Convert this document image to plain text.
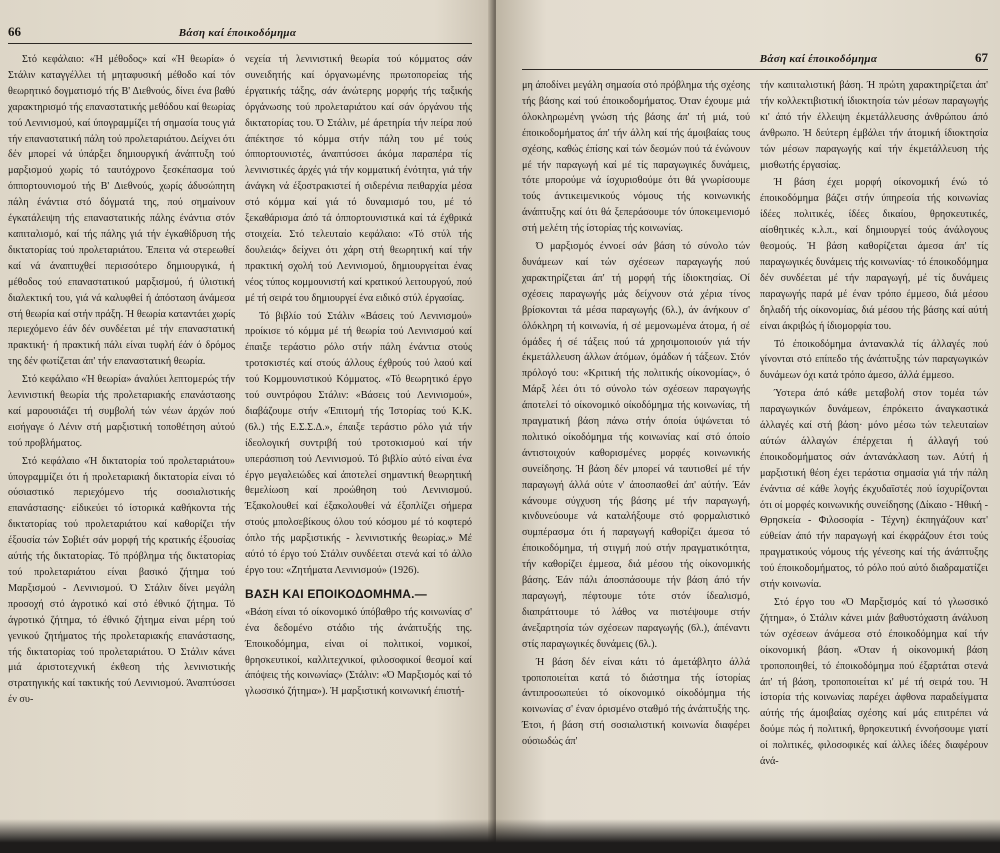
66	Βάση καί έποικοδόμημα

Στό κεφάλαιο: «Ή μέθοδος» καί «Ή θεωρία» ό Στάλιν καταγγέλλει τή μηταφυσική μέθοδο καί τόν θεωρητικό δογματισμό τής Β' Διεθνούς, δίνει ένα βαθύ χαρακτηρισμό τής επαναστατικής μεθόδου καί θεωρίας τού Λενινισμού, καί ύπογραμμίζει τή σημασία τους γιά τήν επαναστατική πάλη τού προλεταριάτου. Δείχνει ότι δέν μπορεί νά ύπάρξει δημιουργική άνάπτυξη τού μαρξισμού χωρίς τό ταυτόχρονο ξεσκέπασμα τού όππορτουνισμού τής Β' Διεθνούς, χωρίς άδυσώπητη πάλη ένάντια στό δόγματά της, πού σημαίνουν έγκατάλειψη τής επαναστατικής πάλης ένάντια στόν καπιταλισμό, καί τής πάλης γιά τήν έγκαθίδρυση τής δικτατορίας τού προλεταριάτου. Έπειτα νά στερεωθεί καί νά άναπτυχθεί περισσότερο δημιουργικά, ή μέθοδος τού επαναστατικού μαρξισμού, ή ύλιστική διαλεκτική του, γιά νά καλυφθεί ή άπόσταση άνάμεσα στή θεωρία καί στήν πράξη. Ή θεωρία καταντάει χωρίς περιεχόμενο έάν δέν συνδέεται μέ τήν επαναστατική πρακτική· ή πρακτική πάλι είναι τυφλή έάν ό δρόμος της δέν φωτίζεται άπ' τήν επαναστατική θεωρία.

Στό κεφάλαιο «Ή θεωρία» άναλύει λεπτομερώς τήν λενινιστική θεωρία τής προλεταριακής επανάστασης καί μαρουσιάζει τή συμβολή τών νέων άρχών πού εισήγαγε ό Λένιν στή μαρξιστική τοποθέτηση αύτού τού προβλήματος.

Στό κεφάλαιο «Ή δικτατορία τού προλεταριάτου» ύπογραμμίζει ότι ή προλεταριακή δικτατορία είναι τό ούσιαστικό περιεχόμενο τής σοσιαλιστικής επανάστασης· είδικεύει τό ίστορικά καθήκοντα τής δικτατορίας τού προλεταριάτου καί καθορίζει τήν έξουσία τών Σοβιέτ σάν μορφή τής κρατικής έξουσίας αύτής τής δικτατορίας. Τό πρόβλημα τής δικτατορίας τού προλεταριάτου είναι βασικό ζήτημα τού Μαρξισμού - Λενινισμού. Ό Στάλιν δίνει μεγάλη προσοχή στό άγροτικό καί στό έθνικό ζήτημα. Τό άγροτικό ζήτημα, τό έθνικό ζήτημα είναι μέρη τού γενικού ζητήματος τής προλεταριακής επανάστασης, τής δικτατορίας τού προλεταριάτου. Ό Στάλιν κάνει μιά άριστοτεχνική έκθεση τής λενινιστικής στρατηγικής καί τακτικής τού Λενινισμού. Άναπτύσσει έν συ-

νεχεία τή λενινιστική θεωρία τού κόμματος σάν συνειδητής καί όργανωμένης πρωτοπορείας τής έργατικής τάξης, σάν άνώτερης μορφής τής ταξικής όργάνωσης τού προλεταριάτου καί σάν όργάνου τής δικτατορίας του. Ό Στάλιν, μέ άρετηρία τήν πείρα πού άπέκτησε τό κόμμα στήν πάλη του μέ τούς όππορτουνιστές, άναπτύσσει άκόμα παραπέρα τίς λενινιστικές άρχές γιά τήν κομματική ένότητα, γιά τήν άνάγκη νά έξοστρακιστεί ή σιδερένια πειθαρχία μέσα στό κόμμα καί γιά τό δυναμισμό του, μέ τό ξεκαθάρισμα άπό τά όππορτουνιστικά καί τά έχθρικά στοιχεία. Στό τελευταίο κεφάλαιο: «Τό στύλ τής δουλειάς» δείχνει ότι χάρη στή θεωρητική καί τήν πρακτική σχολή τού Λενινισμού, δημιουργείται ένας νέος τύπος κομμουνιστή καί κρατικού λειτουργού, πού μέ τή σειρά του δημιουργεί ένα ειδικό στύλ έργασίας.

Τό βιβλίο τού Στάλιν «Βάσεις τού Λενινισμού» προίκισε τό κόμμα μέ τή θεωρία τού Λενινισμού καί έπαιξε τεράστιο ρόλο στήν πάλη ένάντια στούς τροτσκιστές καί στούς άλλους έχθρούς τού λαού καί τού Κομμουνιστικού Κόμματος. «Τό θεωρητικό έργο τού συντρόφου Στάλιν: «Βάσεις τού Λενινισμού», διαβάζουμε στήν «Έπιτομή τής Ίστορίας τού Κ.Κ. (6λ.) τής Ε.Σ.Σ.Δ.», έπαιξε τεράστιο ρόλο γιά τήν ίδεολογική συντριβή τού τροτσκισμού καί τήν υπεράσπιση τού Λενινισμού. Τό βιβλίο αύτό είναι ένα έργο μεγαλειώδες καί άποτελεί σημαντική θεωρητική θεμελίωση καί προώθηση τού Λενινισμού. Έξακολουθεί καί έξακολουθεί νά έξοπλίζει σήμερα στούς μπολσεβίκους όλου τού κόσμου μέ τό κοφτερό όπλο τής μαρξιστικής - λενινιστικής θεωρίας.» Μέ αύτό τό έργο τού Στάλιν συνδέεται στενά καί τό άλλο έργο του: «Ζητήματα Λενινισμού» (1926).

ΒΑΣΗ ΚΑΙ ΕΠΟΙΚΟΔΟΜΗΜΑ.—

«Βάση είναι τό οίκονομικό ύπόβαθρο τής κοινωνίας σ' ένα δεδομένο στάδιο τής άνάπτυξής της. Έποικοδόμημα, είναι οί πολιτικοί, νομικοί, θρησκευτικοί, καλλιτεχνικοί, φιλοσοφικοί θεσμοί καί άπόψεις τής κοινωνίας» (Στάλιν: «Ό Μαρξισμός καί τό γλωσσικό ζήτημα»). Ή μαρξιστική κοινωνική έπιστή-

Βάση καί έποικοδόμημα	67

μη άποδίνει μεγάλη σημασία στό πρόβλημα τής σχέσης τής βάσης καί τού έποικοδομήματος. Όταν έχουμε μιά όλοκληρωμένη γνώση τής βάσης άπ' τή μιά, τού έποικοδομήματος άπ' τήν άλλη καί τής άμοιβαίας τους σχέσης, καθώς έπίσης καί τών δεσμών πού τά ένώνουν μέ τήν παραγωγή καί μέ τίς παραγωγικές δυνάμεις, τότε μπορούμε νά ίσχυρισθούμε ότι θά γνωρίσουμε τούς άντικειμενικούς νόμους τής κοινωνικής άνάπτυξης καί ότι θά ξεπεράσουμε τόν ύποκειμενισμό στή μελέτη τής ίστορίας τής κοινωνίας.

Ό μαρξισμός έννοεί σάν βάση τό σύνολο τών δυνάμεων καί τών σχέσεων παραγωγής πού χαρακτηρίζεται άπ' τή μορφή τής ίδιοκτησίας. Οί σχέσεις παραγωγής μάς δείχνουν στά χέρια τίνος βρίσκονται τά μέσα παραγωγής (6λ.), άν άνήκουν σ' όλόκληρη τή κοινωνία, ή σέ μεμονωμένα άτομα, ή σέ όμάδες ή σέ τάξεις πού τά χρησιμοποιούν γιά τήν έκμετάλλευση άλλων άτόμων, όμάδων ή τάξεων. Στόν πρόλογό του: «Κριτική τής πολιτικής οίκονομίας», ό Μάρξ λέει ότι τό σύνολο τών σχέσεων παραγωγής άποτελεί τό οίκονομικό οίκοδόμημα τής κοινωνίας, τή πραγματική βάση πάνω στήν όποία ύψώνεται τό πολιτικό οίκοδόμημα τής κοινωνίας καί στό όποίο άντιστοιχούν καθορισμένες μορφές κοινωνικής συνείδησης. Ή βάση δέν μπορεί νά ταυτισθεί μέ τήν παραγωγή άλλά ούτε ν' άποσπασθεί άπ' αύτήν. Έάν κάνουμε σύγχυση τής βάσης μέ τήν παραγωγή, κινδυνεύουμε νά καταλήξουμε στό φορμαλιστικό συμπέρασμα ότι ή παραγωγή καθορίζει άμεσα τό έποικοδόμημα, τή στιγμή πού στήν πραγματικότητα, τήν καθορίζει έμμεσα, διά μέσου τής οίκονομικής βάσης. Έάν πάλι άποσπάσουμε τήν βάση άπό τήν παραγωγή, πέφτουμε τότε στόν ίδεαλισμό, διαπράττουμε τό λάθος να πιστέψουμε στήν άνεξαρτησία τών σχέσεων παραγωγής (6λ.), άπέναντι στίς παραγωγικές δυνάμεις (6λ.).

Ή βάση δέν είναι κάτι τό άμετάβλητο άλλά τροποποιείται κατά τό διάστημα τής ίστορίας άντιπροσωπεύει τό οίκονομικό οίκοδόμημα τής κοινωνίας σ' έναν όρισμένο σταθμό τής άνάπτυξής της. Έτσι, ή βάση στή σοσιαλιστική κοινωνία διαφέρει ούσιωδώς άπ'

τήν καπιταλιστική βάση. Ή πρώτη χαρακτηρίζεται άπ' τήν κολλεκτιβιστική ίδιοκτησία τών μέσων παραγωγής κι' άπό τήν έλλειψη έκμετάλλευσης άνθρώπου άπό άνθρωπο. Ή δεύτερη έμβάλει τήν άτομική ίδιοκτησία τών μέσων παραγωγής καί τήν έκμετάλλευση τής μισθωτής έργασίας.

Ή βάση έχει μορφή οίκονομική ένώ τό έποικοδόμημα βάζει στήν ύπηρεσία τής κοινωνίας ίδέες πολιτικές, ίδέες δικαίου, θρησκευτικές, αίσθητικές κ.λ.π., καί δημιουργεί τούς άνάλογους θεσμούς. Ή βάση καθορίζεται άμεσα άπ' τίς παραγωγικές δυνάμεις τής κοινωνίας· τό έποικοδόμημα δέν συνδέεται μέ τήν παραγωγή, μέ τίς δυνάμεις παραγωγής παρά μέ έναν τρόπο έμμεσο, διά μέσου δηλαδή τής οίκονομίας, διά μέσου τής βάσης καί αύτή είναι άκριβώς ή ίδιομορφία του.

Τό έποικοδόμημα άντανακλά τίς άλλαγές πού γίνονται στό επίπεδο τής άνάπτυξης τών παραγωγικών δυνάμεων όχι κατά τρόπο άμεσο, άλλά έμμεσο.

Ύστερα άπό κάθε μεταβολή στον τομέα τών παραγωγικών δυνάμεων, έπρόκειτο άναγκαστικά άλλαγές καί στή βάση· μόνο μέσω τών τελευταίων αύτών άλλαγών έπέρχεται ή άλλαγή τού έποικοδομήματος σάν άντανάκλαση των. Αύτή ή μαρξιστική θέση έχει τεράστια σημασία γιά τήν πάλη ένάντια σέ κάθε λογής έκχυδαϊστές πού ίσχυρίζονται ότι οί μορφές κοινωνικής συνείδησης (Δίκαιο - Ήθική - Θρησκεία - Φιλοσοφία - Τέχνη) έκπηγάζουν κατ' εύθείαν άπό τήν παραγωγή καί έκφράζουν έτσι τούς πραγματικούς νόμους τής γένεσης καί τής άνάπτυξης τού έποικοδομήματος, τό ρόλο πού αύτό διαδραματίζει στήν κοινωνία.

Στό έργο του «Ό Μαρξισμός καί τό γλωσσικό ζήτημα», ό Στάλιν κάνει μιάν βαθυστόχαστη άνάλυση τών σχέσεων άνάμεσα στό έποικοδόμημα καί τήν οίκονομική βάση. «Όταν ή οίκονομική βάση τροποποιηθεί, τό έποικοδόμημα πού έξαρτάται στενά άπ' τή βάση, τροποποιείται κι' μέ τή σειρά του. Ή ίστορία τής κοινωνίας παρέχει άφθονα παραδείγματα αύτής τής άμοιβαίας σχέσης καί μάς επιτρέπει νά δούμε πώς ή πολιτική, θρησκευτική έννοήσουμε γιατί οί πολιτικές, φιλοσοφικές καί άλλες ίδέες διαφέρουν άνά-
